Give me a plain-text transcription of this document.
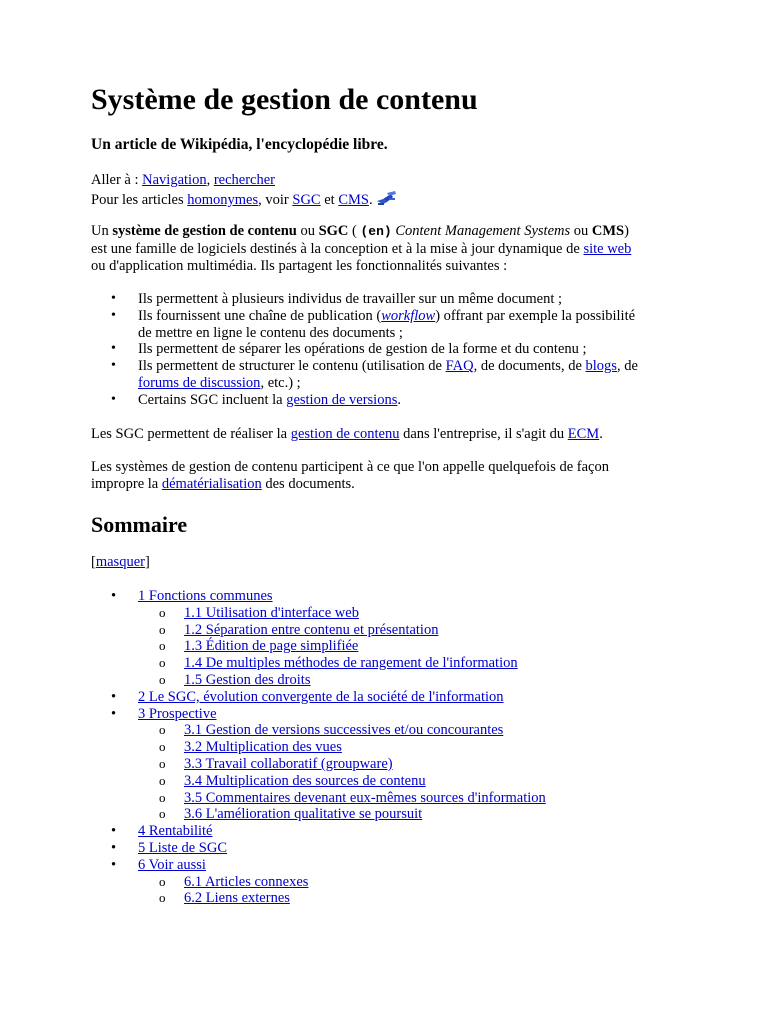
Système de gestion de contenu
Un article de Wikipédia, l'encyclopédie libre.
Aller à : Navigation, rechercher
Pour les articles homonymes, voir SGC et CMS.
Un système de gestion de contenu ou SGC ( (en) Content Management Systems ou CMS)
est une famille de logiciels destinés à la conception et à la mise à jour dynamique de site web
ou d'application multimédia. Ils partagent les fonctionnalités suivantes :
• Ils permettent à plusieurs individus de travailler sur un même document ;
• Ils fournissent une chaîne de publication (workflow) offrant par exemple la possibilité
de mettre en ligne le contenu des documents ;
• Ils permettent de séparer les opérations de gestion de la forme et du contenu ;
• Ils permettent de structurer le contenu (utilisation de FAQ, de documents, de blogs, de
forums de discussion, etc.) ;
• Certains SGC incluent la gestion de versions.
Les SGC permettent de réaliser la gestion de contenu dans l'entreprise, il s'agit du ECM.
Les systèmes de gestion de contenu participent à ce que l'on appelle quelquefois de façon
impropre la dématérialisation des documents.
Sommaire
[masquer]
• 1 Fonctions communes
o 1.1 Utilisation d'interface web
o 1.2 Séparation entre contenu et présentation
o 1.3 Édition de page simplifiée
o 1.4 De multiples méthodes de rangement de l'information
o 1.5 Gestion des droits
• 2 Le SGC, évolution convergente de la société de l'information
• 3 Prospective
o 3.1 Gestion de versions successives et/ou concourantes
o 3.2 Multiplication des vues
o 3.3 Travail collaboratif (groupware)
o 3.4 Multiplication des sources de contenu
o 3.5 Commentaires devenant eux-mêmes sources d'information
o 3.6 L'amélioration qualitative se poursuit
• 4 Rentabilité
• 5 Liste de SGC
• 6 Voir aussi
o 6.1 Articles connexes
o 6.2 Liens externes
